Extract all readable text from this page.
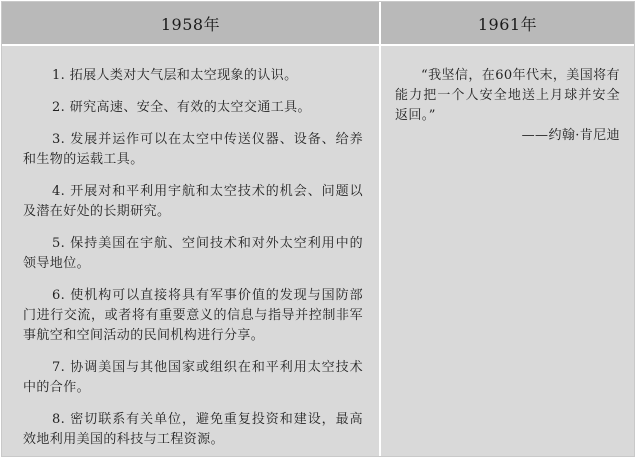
1958年

1. 拓展人类对大气层和太空现象的认识。

2. 研究高速、安全、有效的太空交通工具。

3. 发展并运作可以在太空中传送仪器、设备、给养和生物的运载工具。

4. 开展对和平利用宇航和太空技术的机会、问题以及潜在好处的长期研究。

5. 保持美国在宇航、空间技术和对外太空利用中的领导地位。

6. 使机构可以直接将具有军事价值的发现与国防部门进行交流，或者将有重要意义的信息与指导并控制非军事航空和空间活动的民间机构进行分享。

7. 协调美国与其他国家或组织在和平利用太空技术中的合作。

8. 密切联系有关单位，避免重复投资和建设，最高效地利用美国的科技与工程资源。

1961年

“我坚信，在60年代末，美国将有能力把一个人安全地送上月球并安全返回。”

——约翰·肯尼迪
